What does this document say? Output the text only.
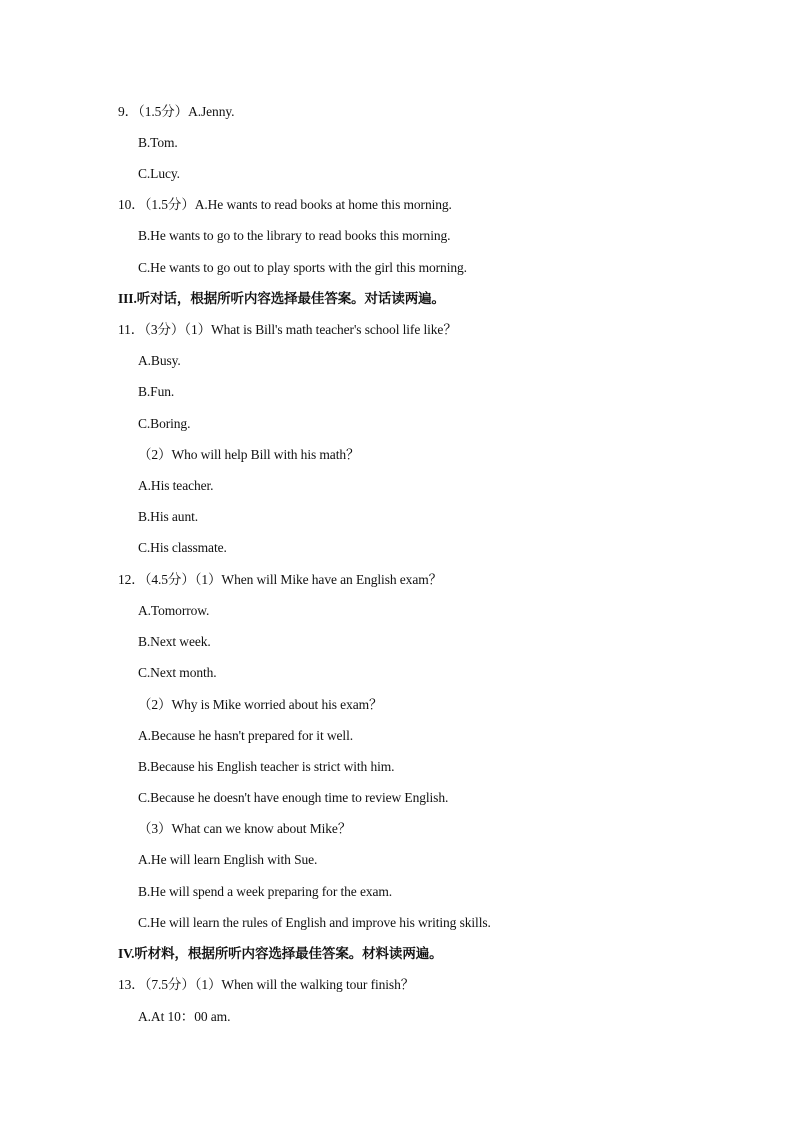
9．（1.5分）A.Jenny.
B.Tom.
C.Lucy.
10．（1.5分）A.He wants to read books at home this morning.
B.He wants to go to the library to read books this morning.
C.He wants to go out to play sports with the girl this morning.
III.听对话，根据所听内容选择最佳答案。对话读两遍。
11．（3分）（1）What is Bill's math teacher's school life like？
A.Busy.
B.Fun.
C.Boring.
（2）Who will help Bill with his math？
A.His teacher.
B.His aunt.
C.His classmate.
12．（4.5分）（1）When will Mike have an English exam？
A.Tomorrow.
B.Next week.
C.Next month.
（2）Why is Mike worried about his exam？
A.Because he hasn't prepared for it well.
B.Because his English teacher is strict with him.
C.Because he doesn't have enough time to review English.
（3）What can we know about Mike？
A.He will learn English with Sue.
B.He will spend a week preparing for the exam.
C.He will learn the rules of English and improve his writing skills.
IV.听材料，根据所听内容选择最佳答案。材料读两遍。
13．（7.5分）（1）When will the walking tour finish？
A.At 10：00 am.
